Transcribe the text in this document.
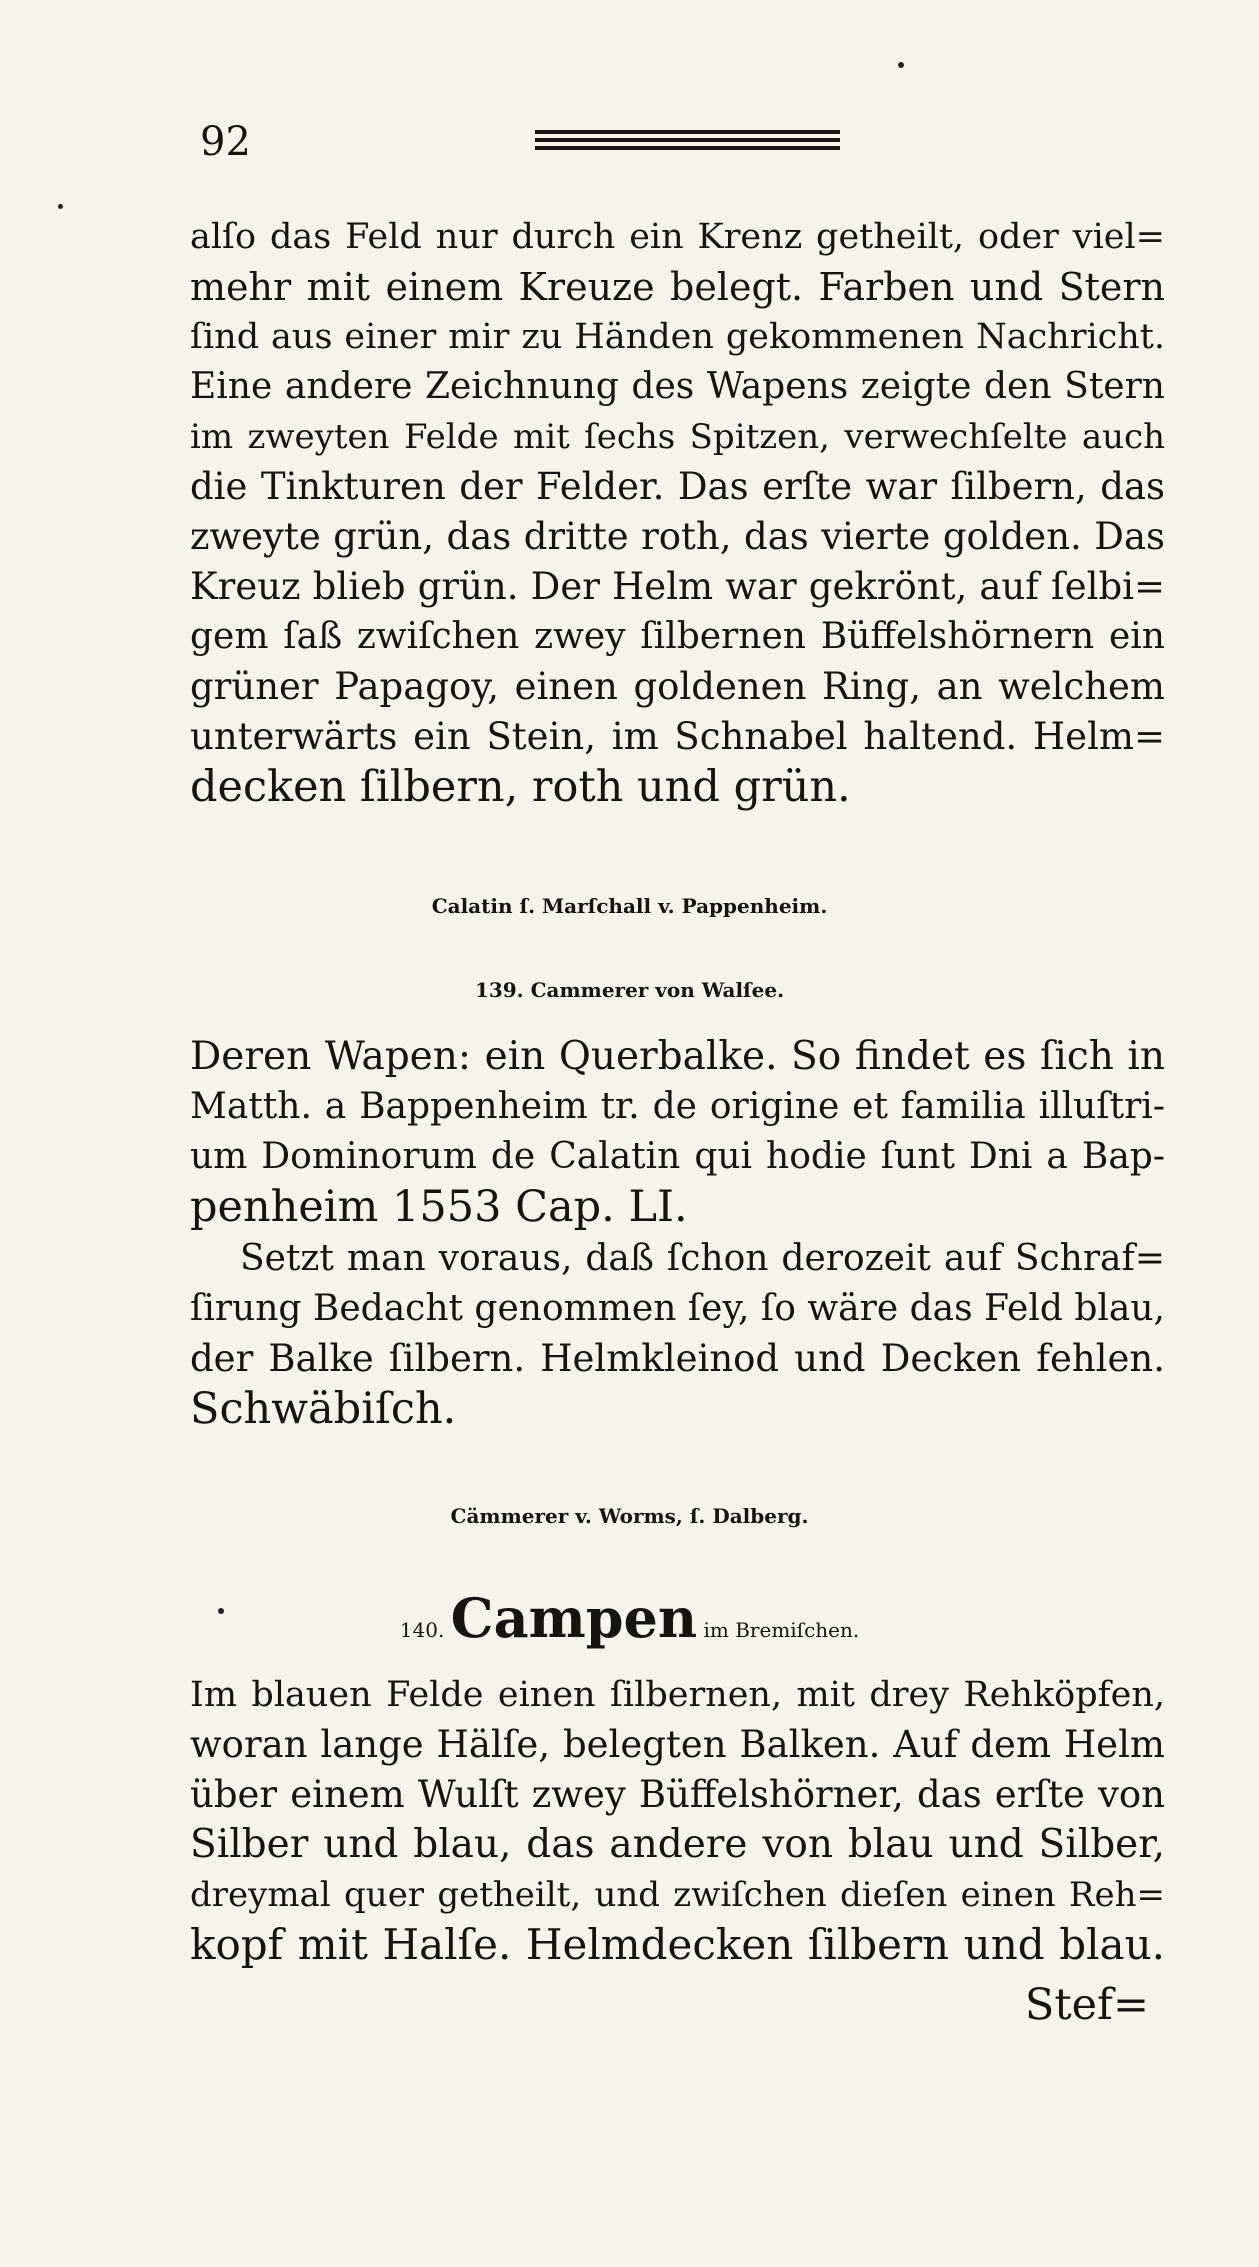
92
alſo das Feld nur durch ein Krenz getheilt, oder viel=
mehr mit einem Kreuze belegt. Farben und Stern
ſind aus einer mir zu Händen gekommenen Nachricht.
Eine andere Zeichnung des Wapens zeigte den Stern
im zweyten Felde mit ſechs Spitzen, verwechſelte auch
die Tinkturen der Felder. Das erſte war ſilbern, das
zweyte grün, das dritte roth, das vierte golden. Das
Kreuz blieb grün. Der Helm war gekrönt, auf ſelbi=
gem ſaß zwiſchen zwey ſilbernen Büffelshörnern ein
grüner Papagoy, einen goldenen Ring, an welchem
unterwärts ein Stein, im Schnabel haltend. Helm=
decken ſilbern, roth und grün.
Calatin ſ. Marſchall v. Pappenheim.
139. Cammerer von Walſee.
Deren Wapen: ein Querbalke. So findet es ſich in
Matth. a Bappenheim tr. de origine et familia illuſtri-
um Dominorum de Calatin qui hodie ſunt Dni a Bap-
penheim 1553 Cap. LI.
Setzt man voraus, daß ſchon derozeit auf Schraf=
ſirung Bedacht genommen ſey, ſo wäre das Feld blau,
der Balke ſilbern. Helmkleinod und Decken fehlen.
Schwäbiſch.
Cämmerer v. Worms, ſ. Dalberg.
140. Campen im Bremiſchen.
Im blauen Felde einen ſilbernen, mit drey Rehköpfen,
woran lange Hälſe, belegten Balken. Auf dem Helm
über einem Wulſt zwey Büffelshörner, das erſte von
Silber und blau, das andere von blau und Silber,
dreymal quer getheilt, und zwiſchen dieſen einen Reh=
kopf mit Halſe. Helmdecken ſilbern und blau.
Stef=
